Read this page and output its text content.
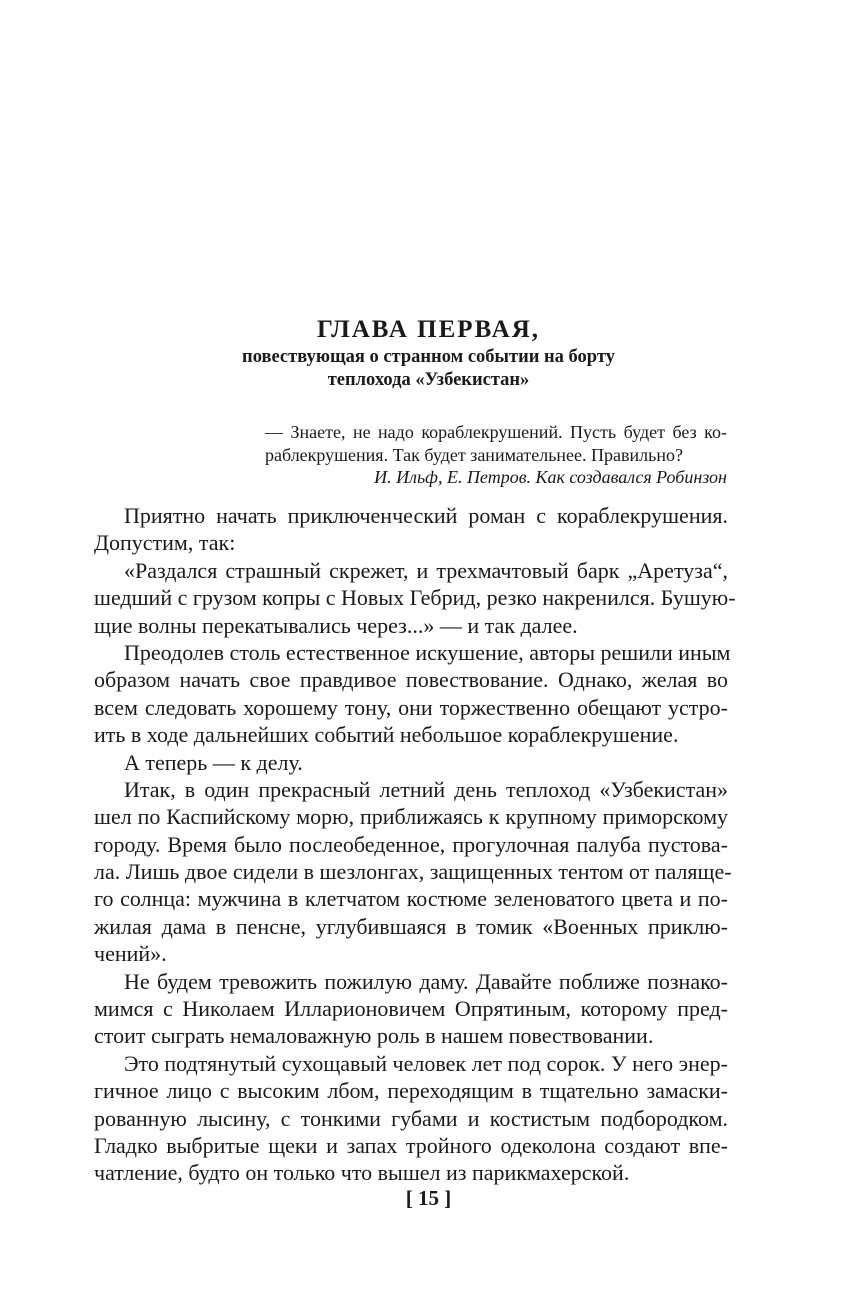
ГЛАВА ПЕРВАЯ,
повествующая о странном событии на борту
теплохода «Узбекистан»
— Знаете, не надо кораблекрушений. Пусть будет без ко-
раблекрушения. Так будет занимательнее. Правильно?
И. Ильф, Е. Петров. Как создавался Робинзон
Приятно начать приключенческий роман с кораблекрушения.
Допустим, так:
«Раздался страшный скрежет, и трехмачтовый барк „Аретуза“,
шедший с грузом копры с Новых Гебрид, резко накренился. Бушую-
щие волны перекатывались через...» — и так далее.
Преодолев столь естественное искушение, авторы решили иным
образом начать свое правдивое повествование. Однако, желая во
всем следовать хорошему тону, они торжественно обещают устро-
ить в ходе дальнейших событий небольшое кораблекрушение.
А теперь — к делу.
Итак, в один прекрасный летний день теплоход «Узбекистан»
шел по Каспийскому морю, приближаясь к крупному приморскому
городу. Время было послеобеденное, прогулочная палуба пустова-
ла. Лишь двое сидели в шезлонгах, защищенных тентом от паляще-
го солнца: мужчина в клетчатом костюме зеленоватого цвета и по-
жилая дама в пенсне, углубившаяся в томик «Военных приклю-
чений».
Не будем тревожить пожилую даму. Давайте поближе познако-
мимся с Николаем Илларионовичем Опрятиным, которому пред-
стоит сыграть немаловажную роль в нашем повествовании.
Это подтянутый сухощавый человек лет под сорок. У него энер-
гичное лицо с высоким лбом, переходящим в тщательно замаски-
рованную лысину, с тонкими губами и костистым подбородком.
Гладко выбритые щеки и запах тройного одеколона создают впе-
чатление, будто он только что вышел из парикмахерской.
[ 15 ]
